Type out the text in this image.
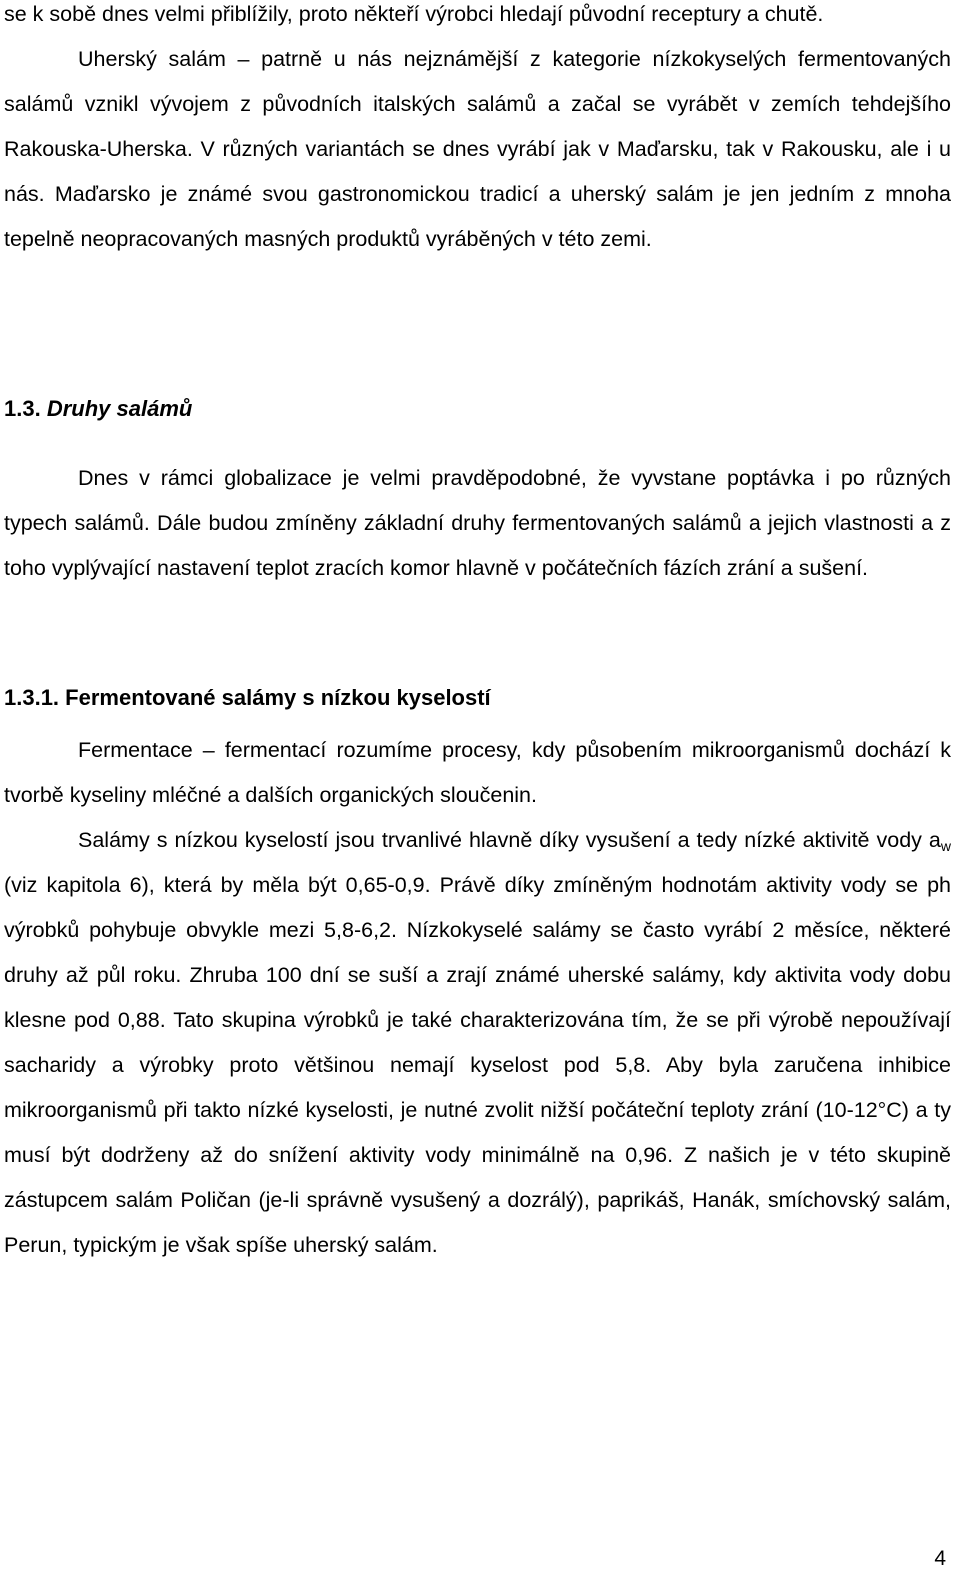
se k sobě dnes velmi přiblížily, proto někteří výrobci hledají původní receptury a chutě.

Uherský salám – patrně u nás nejznámější z kategorie nízkokyselých fermentovaných salámů vznikl vývojem z původních italských salámů a začal se vyrábět v zemích tehdejšího Rakouska-Uherska. V různých variantách se dnes vyrábí jak v Maďarsku, tak v Rakousku, ale i u nás. Maďarsko je známé svou gastronomickou tradicí a uherský salám je jen jedním z mnoha tepelně neopracovaných masných produktů vyráběných v této zemi.

1.3. Druhy salámů

Dnes v rámci globalizace je velmi pravděpodobné, že vyvstane poptávka i po různých typech salámů. Dále budou zmíněny základní druhy fermentovaných salámů a jejich vlastnosti a z toho vyplývající nastavení teplot zracích komor hlavně v počátečních fázích zrání a sušení.

1.3.1. Fermentované salámy s nízkou kyselostí

Fermentace – fermentací rozumíme procesy, kdy působením mikroorganismů dochází k tvorbě kyseliny mléčné a dalších organických sloučenin.

Salámy s nízkou kyselostí jsou trvanlivé hlavně díky vysušení a tedy nízké aktivitě vody $a_w$ (viz kapitola 6), která by měla být 0,65-0,9. Právě díky zmíněným hodnotám aktivity vody se ph výrobků pohybuje obvykle mezi 5,8-6,2. Nízkokyselé salámy se často vyrábí 2 měsíce, některé druhy až půl roku. Zhruba 100 dní se suší a zrají známé uherské salámy, kdy aktivita vody dobu klesne pod 0,88. Tato skupina výrobků je také charakterizována tím, že se při výrobě nepoužívají sacharidy a výrobky proto většinou nemají kyselost pod 5,8. Aby byla zaručena inhibice mikroorganismů při takto nízké kyselosti, je nutné zvolit nižší počáteční teploty zrání (10-12°C) a ty musí být dodrženy až do snížení aktivity vody minimálně na 0,96. Z našich je v této skupině zástupcem salám Poličan (je-li správně vysušený a dozrálý), paprikáš, Hanák, smíchovský salám, Perun, typickým je však spíše uherský salám.

4
